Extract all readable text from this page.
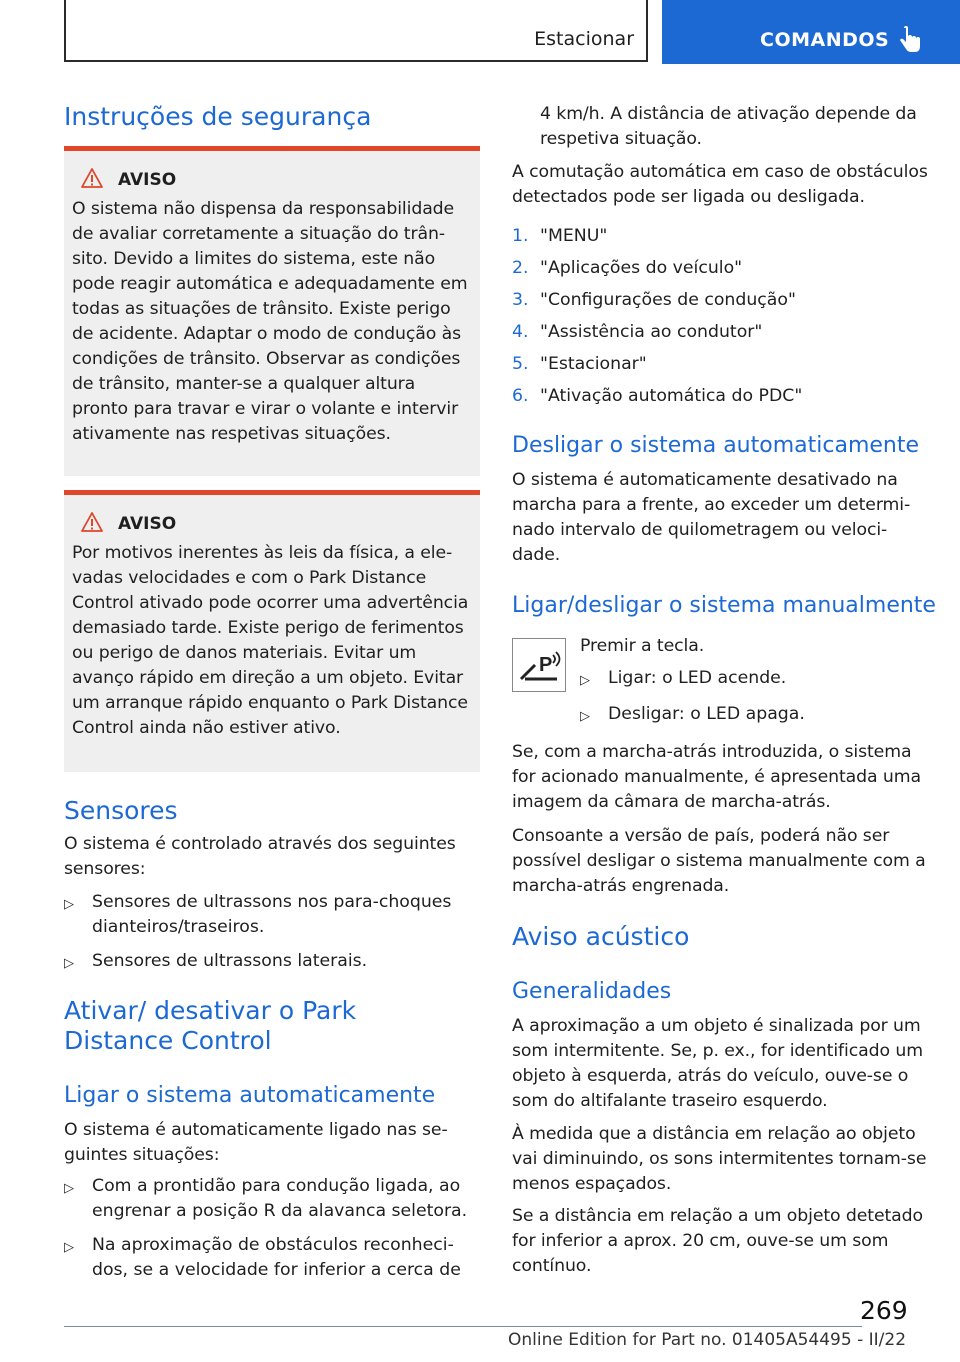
Estacionar	COMANDOS
Instruções de segurança
AVISO

O sistema não dispensa da responsabilidade de avaliar corretamente a situação do trânsito. Devido a limites do sistema, este não pode reagir automática e adequadamente em todas as situações de trânsito. Existe perigo de acidente. Adaptar o modo de condução às condições de trânsito. Observar as condições de trânsito, manter-se a qualquer altura pronto para travar e virar o volante e intervir ativamente nas respetivas situações.

AVISO

Por motivos inerentes às leis da física, a elevadas velocidades e com o Park Distance Control ativado pode ocorrer uma advertência demasiado tarde. Existe perigo de ferimentos ou perigo de danos materiais. Evitar um avanço rápido em direção a um objeto. Evitar um arranque rápido enquanto o Park Distance Control ainda não estiver ativo.

Sensores

O sistema é controlado através dos seguintes sensores:

▷	Sensores de ultrassons nos para-choques dianteiros/traseiros.
▷	Sensores de ultrassons laterais.
Ativar/ desativar o Park Distance Control
Ligar o sistema automaticamente

O sistema é automaticamente ligado nas seguintes situações:

▷	Com a prontidão para condução ligada, ao engrenar a posição R da alavanca seletora.
▷	Na aproximação de obstáculos reconhecidos, se a velocidade for inferior a cerca de

4 km/h. A distância de ativação depende da respetiva situação.

A comutação automática em caso de obstáculos detectados pode ser ligada ou desligada.

1. "MENU"
2. "Aplicações do veículo"
3. "Configurações de condução"
4. "Assistência ao condutor"
5. "Estacionar"
6. "Ativação automática do PDC"
Desligar o sistema automaticamente

O sistema é automaticamente desativado na marcha para a frente, ao exceder um determinado intervalo de quilometragem ou velocidade.

Ligar/desligar o sistema manualmente
P

Premir a tecla.

▷	Ligar: o LED acende.
▷	Desligar: o LED apaga.

Se, com a marcha-atrás introduzida, o sistema for acionado manualmente, é apresentada uma imagem da câmara de marcha-atrás.

Consoante a versão de país, poderá não ser possível desligar o sistema manualmente com a marcha-atrás engrenada.

Aviso acústico
Generalidades

A aproximação a um objeto é sinalizada por um som intermitente. Se, p. ex., for identificado um objeto à esquerda, atrás do veículo, ouve-se o som do altifalante traseiro esquerdo.

À medida que a distância em relação ao objeto vai diminuindo, os sons intermitentes tornam-se menos espaçados.

Se a distância em relação a um objeto detetado for inferior a aprox. 20 cm, ouve-se um som contínuo.

269
Online Edition for Part no. 01405A54495 - II/22
